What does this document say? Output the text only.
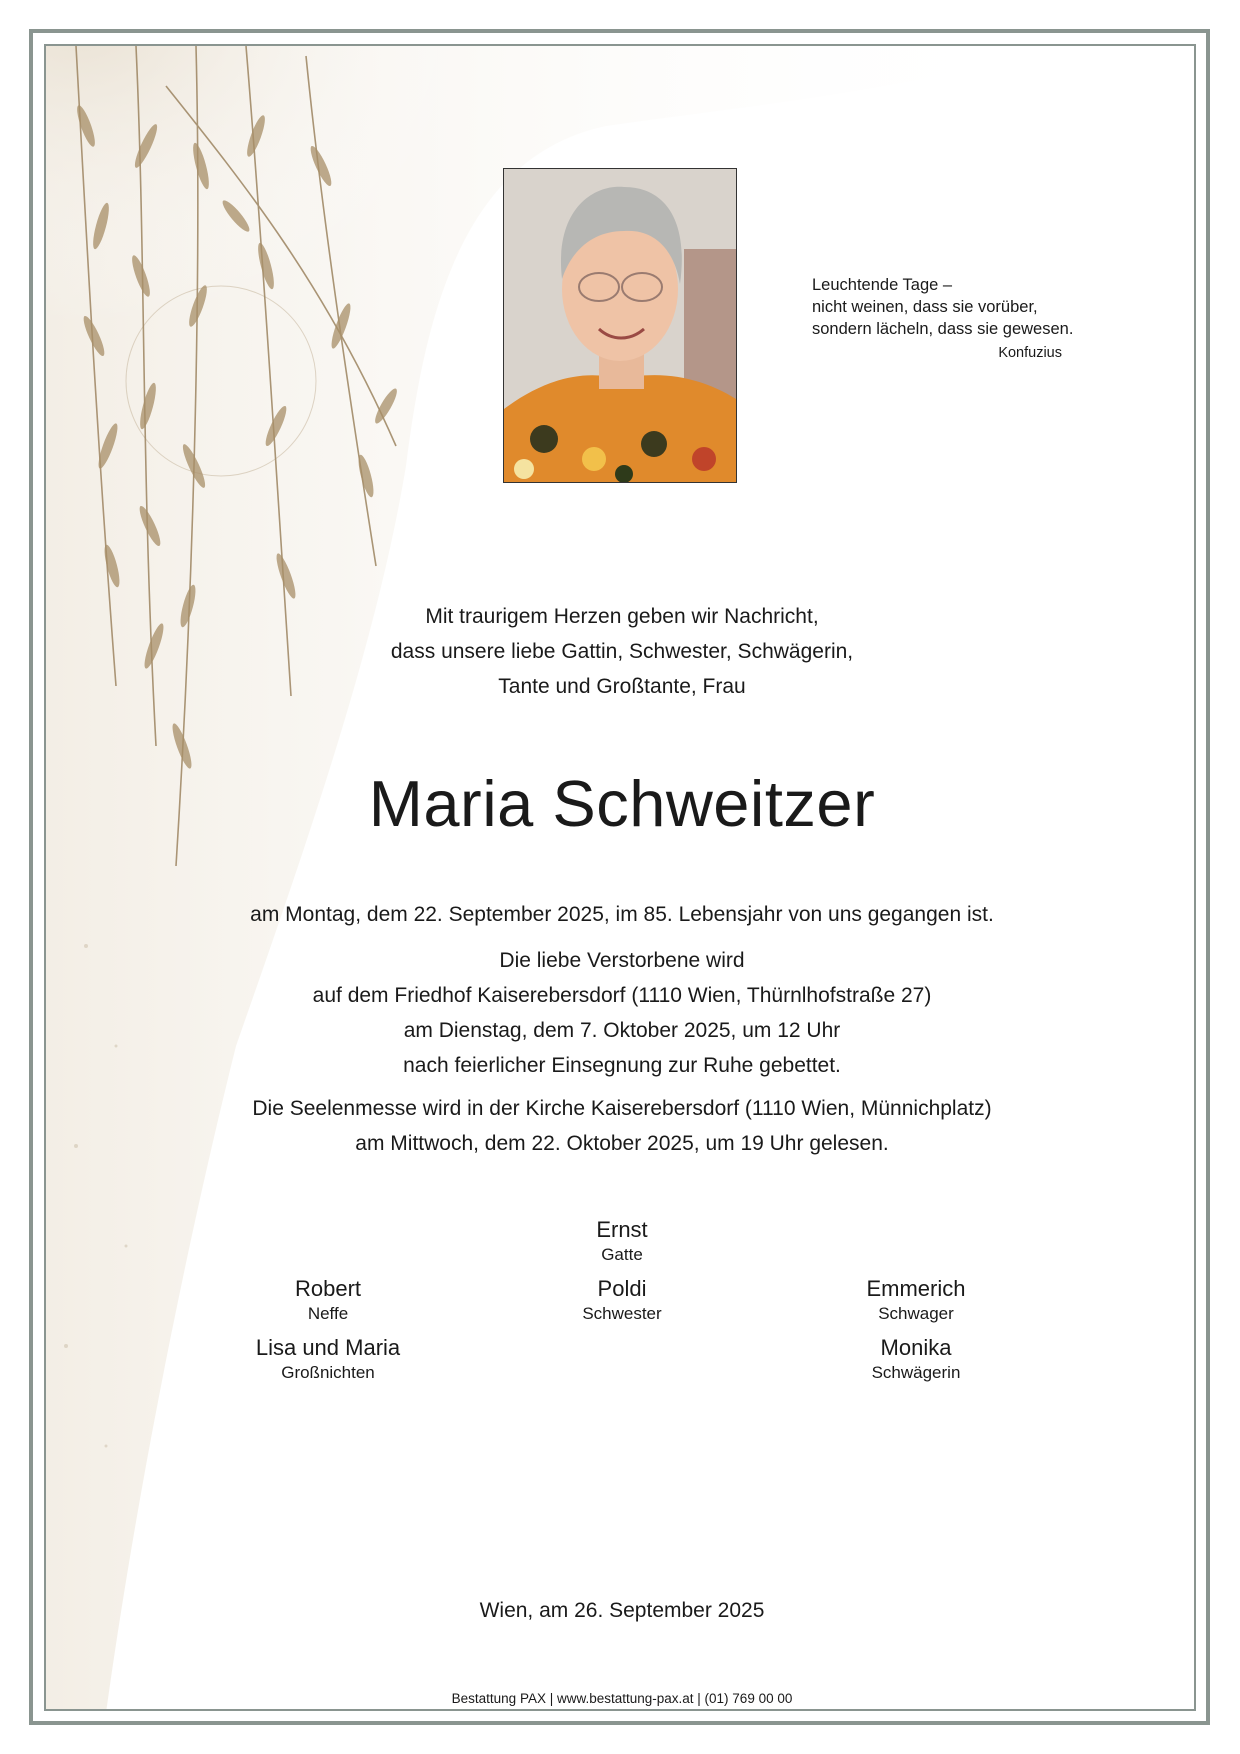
Leuchtende Tage –
nicht weinen, dass sie vorüber,
sondern lächeln, dass sie gewesen.
Konfuzius
Mit traurigem Herzen geben wir Nachricht,
dass unsere liebe Gattin, Schwester, Schwägerin,
Tante und Großtante, Frau
Maria Schweitzer
am Montag, dem 22. September 2025, im 85. Lebensjahr von uns gegangen ist.
Die liebe Verstorbene wird
auf dem Friedhof Kaiserebersdorf (1110 Wien, Thürnlhofstraße 27)
am Dienstag, dem 7. Oktober 2025, um 12 Uhr
nach feierlicher Einsegnung zur Ruhe gebettet.
Die Seelenmesse wird in der Kirche Kaiserebersdorf (1110 Wien, Münnichplatz)
am Mittwoch, dem 22. Oktober 2025, um 19 Uhr gelesen.
Ernst
Gatte
Robert
Neffe
Poldi
Schwester
Emmerich
Schwager
Lisa und Maria
Großnichten
Monika
Schwägerin
Wien, am 26. September 2025
Bestattung PAX | www.bestattung-pax.at | (01) 769 00 00
